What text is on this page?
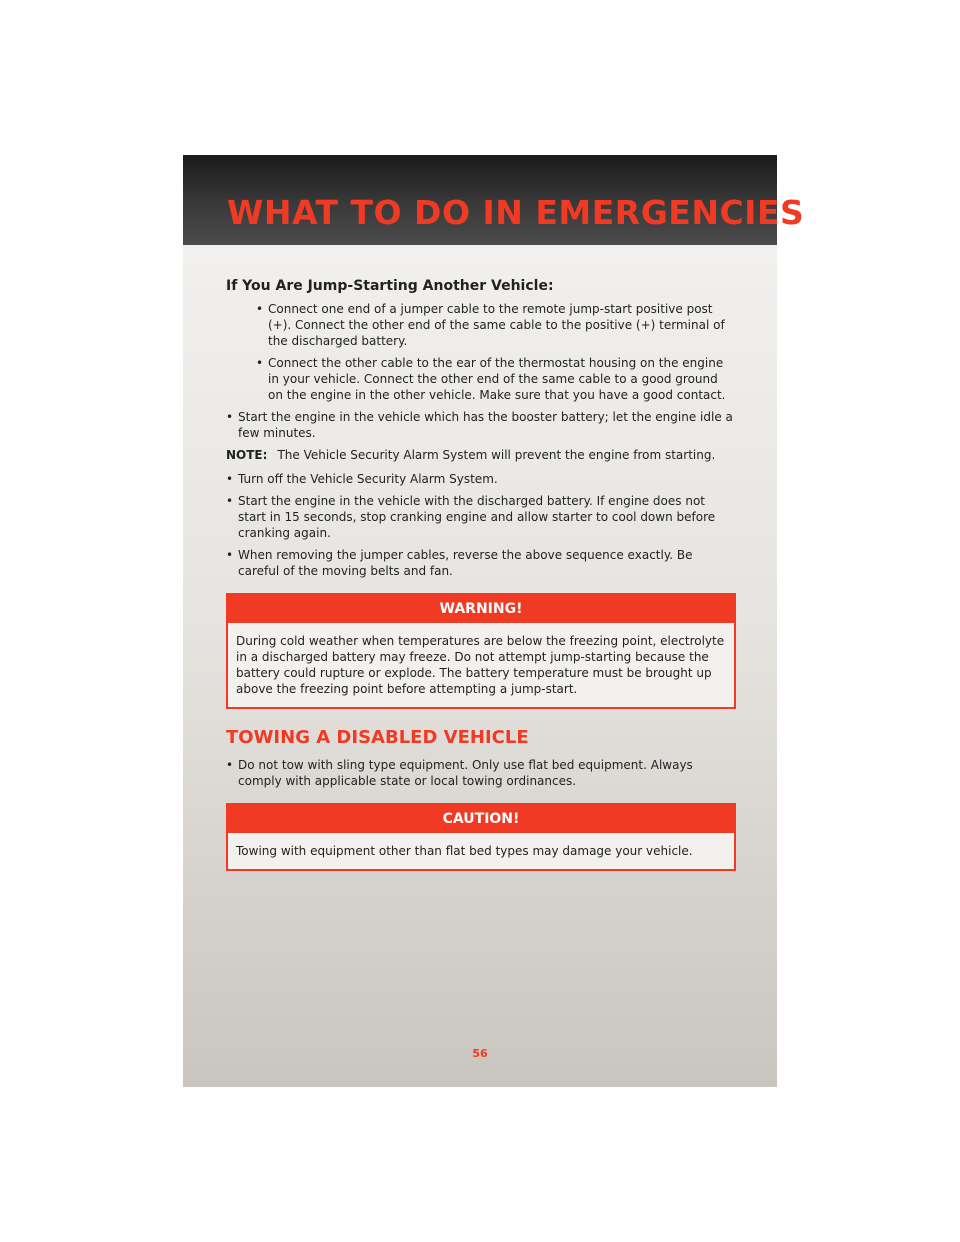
WHAT TO DO IN EMERGENCIES
If You Are Jump-Starting Another Vehicle:
• Connect one end of a jumper cable to the remote jump-start positive post (+). Connect the other end of the same cable to the positive (+) terminal of the discharged battery.
• Connect the other cable to the ear of the thermostat housing on the engine in your vehicle. Connect the other end of the same cable to a good ground on the engine in the other vehicle. Make sure that you have a good contact.
• Start the engine in the vehicle which has the booster battery; let the engine idle a few minutes.
NOTE: The Vehicle Security Alarm System will prevent the engine from starting.
• Turn off the Vehicle Security Alarm System.
• Start the engine in the vehicle with the discharged battery. If engine does not start in 15 seconds, stop cranking engine and allow starter to cool down before cranking again.
• When removing the jumper cables, reverse the above sequence exactly. Be careful of the moving belts and fan.
WARNING!
During cold weather when temperatures are below the freezing point, electrolyte in a discharged battery may freeze. Do not attempt jump-starting because the battery could rupture or explode. The battery temperature must be brought up above the freezing point before attempting a jump-start.
TOWING A DISABLED VEHICLE
• Do not tow with sling type equipment. Only use flat bed equipment. Always comply with applicable state or local towing ordinances.
CAUTION!
Towing with equipment other than flat bed types may damage your vehicle.
56
